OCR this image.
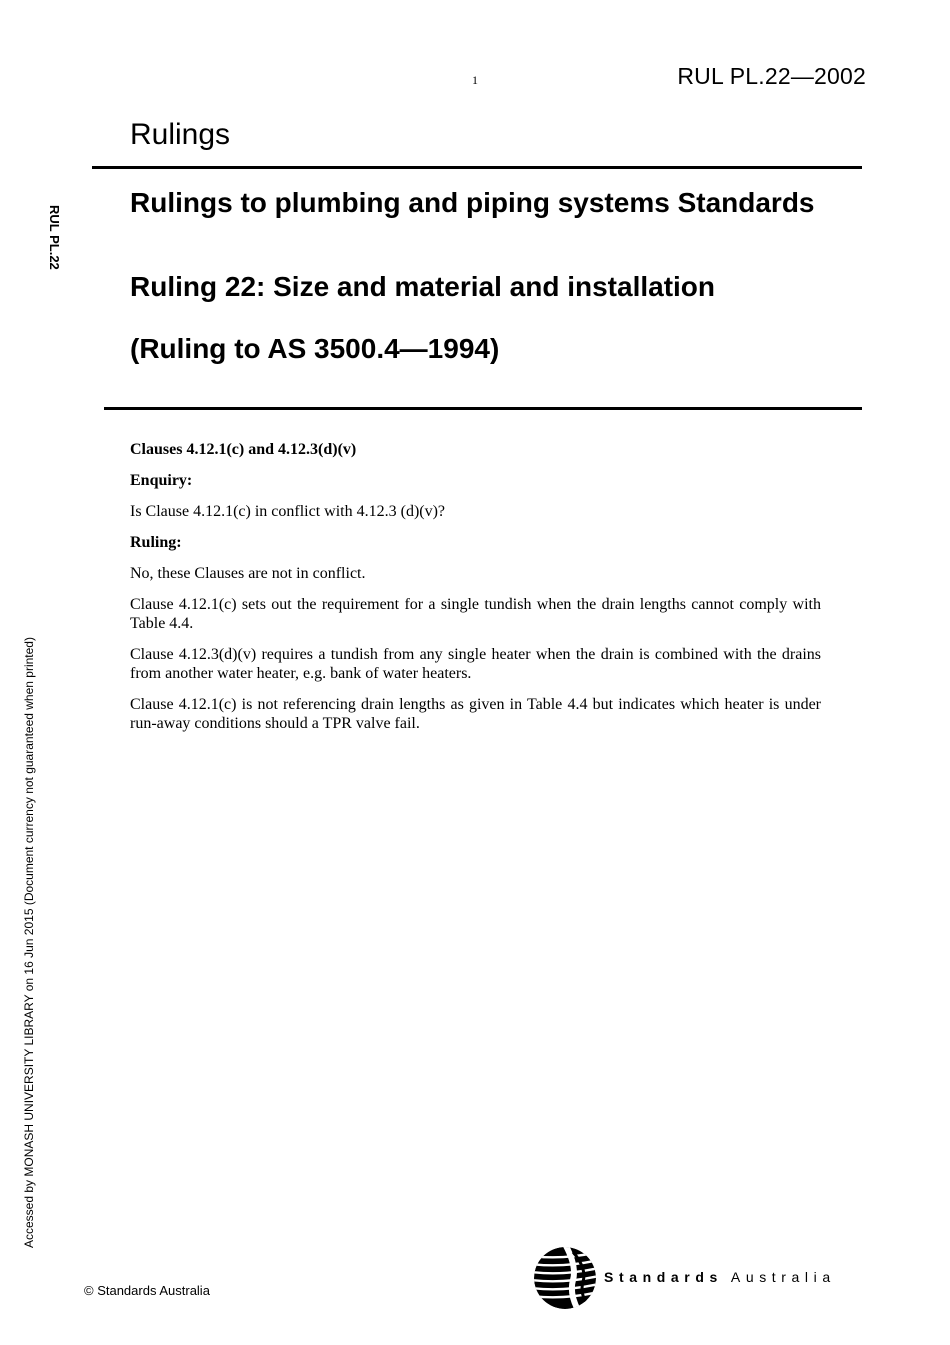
1	RUL PL.22—2002
Rulings
Rulings to plumbing and piping systems Standards
Ruling 22: Size and material and installation
(Ruling to AS 3500.4—1994)
RUL PL.22
Accessed by MONASH UNIVERSITY LIBRARY on 16 Jun 2015 (Document currency not guaranteed when printed)

Clauses 4.12.1(c) and 4.12.3(d)(v)

Enquiry:

Is Clause 4.12.1(c) in conflict with 4.12.3 (d)(v)?

Ruling:

No, these Clauses are not in conflict.

Clause 4.12.1(c) sets out the requirement for a single tundish when the drain lengths cannot comply with Table 4.4.

Clause 4.12.3(d)(v) requires a tundish from any single heater when the drain is combined with the drains from another water heater, e.g. bank of water heaters.

Clause 4.12.1(c) is not referencing drain lengths as given in Table 4.4 but indicates which heater is under run-away conditions should a TPR valve fail.

© Standards Australia
Standards Australia
